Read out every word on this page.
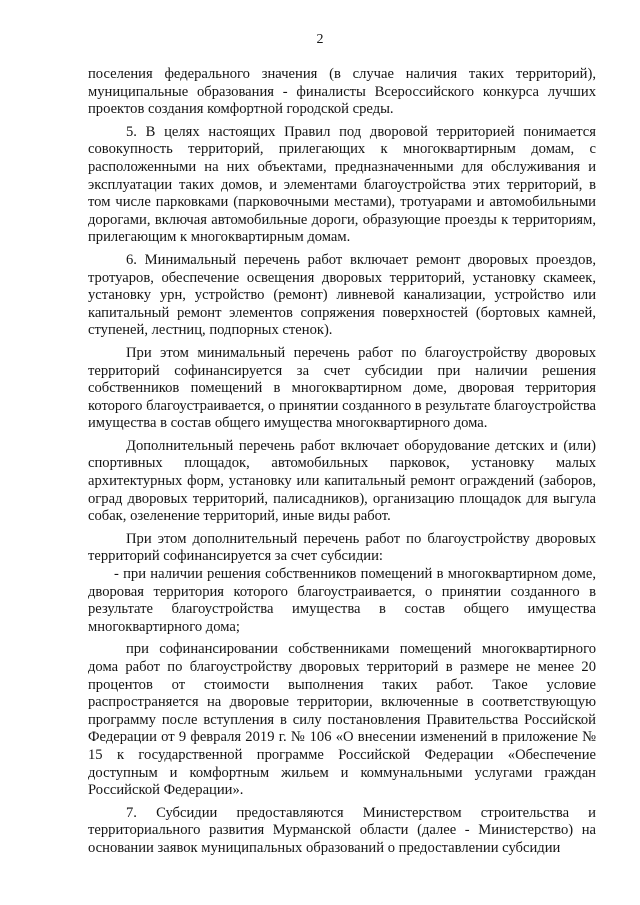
2

поселения федерального значения (в случае наличия таких территорий), муниципальные образования - финалисты Всероссийского конкурса лучших проектов создания комфортной городской среды.

5. В целях настоящих Правил под дворовой территорией понимается совокупность территорий, прилегающих к многоквартирным домам, с расположенными на них объектами, предназначенными для обслуживания и эксплуатации таких домов, и элементами благоустройства этих территорий, в том числе парковками (парковочными местами), тротуарами и автомобильными дорогами, включая автомобильные дороги, образующие проезды к территориям, прилегающим к многоквартирным домам.

6. Минимальный перечень работ включает ремонт дворовых проездов, тротуаров, обеспечение освещения дворовых территорий, установку скамеек, установку урн, устройство (ремонт) ливневой канализации, устройство или капитальный ремонт элементов сопряжения поверхностей (бортовых камней, ступеней, лестниц, подпорных стенок).

При этом минимальный перечень работ по благоустройству дворовых территорий софинансируется за счет субсидии при наличии решения собственников помещений в многоквартирном доме, дворовая территория которого благоустраивается, о принятии созданного в результате благоустройства имущества в состав общего имущества многоквартирного дома.

Дополнительный перечень работ включает оборудование детских и (или) спортивных площадок, автомобильных парковок, установку малых архитектурных форм, установку или капитальный ремонт ограждений (заборов, оград дворовых территорий, палисадников), организацию площадок для выгула собак, озеленение территорий, иные виды работ.

При этом дополнительный перечень работ по благоустройству дворовых территорий софинансируется за счет субсидии:

- при наличии решения собственников помещений в многоквартирном доме, дворовая территория которого благоустраивается, о принятии созданного в результате благоустройства имущества в состав общего имущества многоквартирного дома;

при софинансировании собственниками помещений многоквартирного дома работ по благоустройству дворовых территорий в размере не менее 20 процентов от стоимости выполнения таких работ. Такое условие распространяется на дворовые территории, включенные в соответствующую программу после вступления в силу постановления Правительства Российской Федерации от 9 февраля 2019 г. № 106 «О внесении изменений в приложение № 15 к государственной программе Российской Федерации «Обеспечение доступным и комфортным жильем и коммунальными услугами граждан Российской Федерации».

7. Субсидии предоставляются Министерством строительства и территориального развития Мурманской области (далее - Министерство) на основании заявок муниципальных образований о предоставлении субсидии
